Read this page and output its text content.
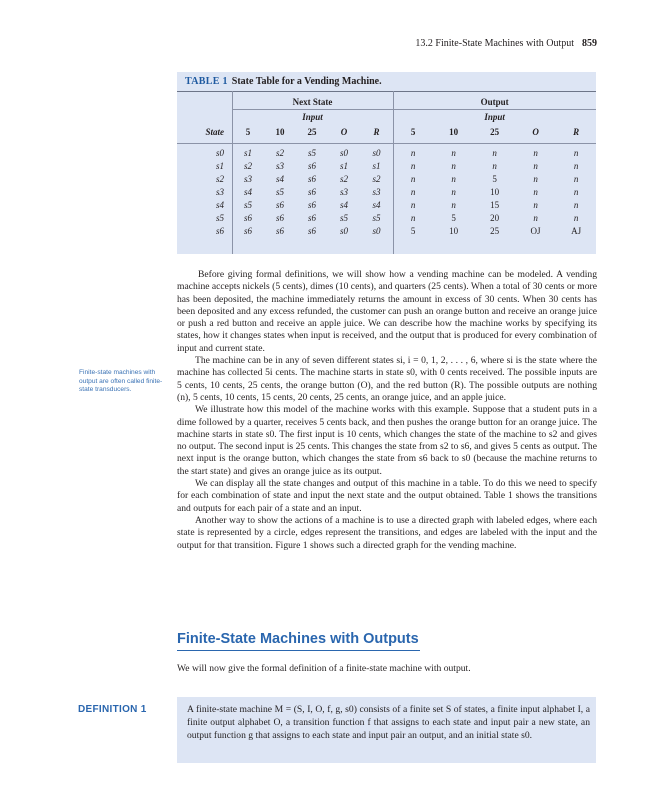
13.2 Finite-State Machines with Output 859
TABLE 1 State Table for a Vending Machine.
	Next State					Output				
	Input					Input				
State	5	10	25	O	R	5	10	25	O	R

s0	s1	s2	s5	s0	s0	n	n	n	n	n
s1	s2	s3	s6	s1	s1	n	n	n	n	n
s2	s3	s4	s6	s2	s2	n	n	5	n	n
s3	s4	s5	s6	s3	s3	n	n	10	n	n
s4	s5	s6	s6	s4	s4	n	n	15	n	n
s5	s6	s6	s6	s5	s5	n	5	20	n	n
s6	s6	s6	s6	s0	s0	5	10	25	OJ	AJ
Finite-state machines with output are often called finite-state transducers.

Before giving formal definitions, we will show how a vending machine can be modeled. A vending machine accepts nickels (5 cents), dimes (10 cents), and quarters (25 cents). When a total of 30 cents or more has been deposited, the machine immediately returns the amount in excess of 30 cents. When 30 cents has been deposited and any excess refunded, the customer can push an orange button and receive an orange juice or push a red button and receive an apple juice. We can describe how the machine works by specifying its states, how it changes states when input is received, and the output that is produced for every combination of input and current state.

The machine can be in any of seven different states si, i = 0, 1, 2, . . . , 6, where si is the state where the machine has collected 5i cents. The machine starts in state s0, with 0 cents received. The possible inputs are 5 cents, 10 cents, 25 cents, the orange button (O), and the red button (R). The possible outputs are nothing (n), 5 cents, 10 cents, 15 cents, 20 cents, 25 cents, an orange juice, and an apple juice.

We illustrate how this model of the machine works with this example. Suppose that a student puts in a dime followed by a quarter, receives 5 cents back, and then pushes the orange button for an orange juice. The machine starts in state s0. The first input is 10 cents, which changes the state of the machine to s2 and gives no output. The second input is 25 cents. This changes the state from s2 to s6, and gives 5 cents as output. The next input is the orange button, which changes the state from s6 back to s0 (because the machine returns to the start state) and gives an orange juice as its output.

We can display all the state changes and output of this machine in a table. To do this we need to specify for each combination of state and input the next state and the output obtained. Table 1 shows the transitions and outputs for each pair of a state and an input.

Another way to show the actions of a machine is to use a directed graph with labeled edges, where each state is represented by a circle, edges represent the transitions, and edges are labeled with the input and the output for that transition. Figure 1 shows such a directed graph for the vending machine.

Finite-State Machines with Outputs
We will now give the formal definition of a finite-state machine with output.
DEFINITION 1	A finite-state machine M = (S, I, O, f, g, s0) consists of a finite set S of states, a finite input alphabet I, a finite output alphabet O, a transition function f that assigns to each state and input pair a new state, an output function g that assigns to each state and input pair an output, and an initial state s0.
